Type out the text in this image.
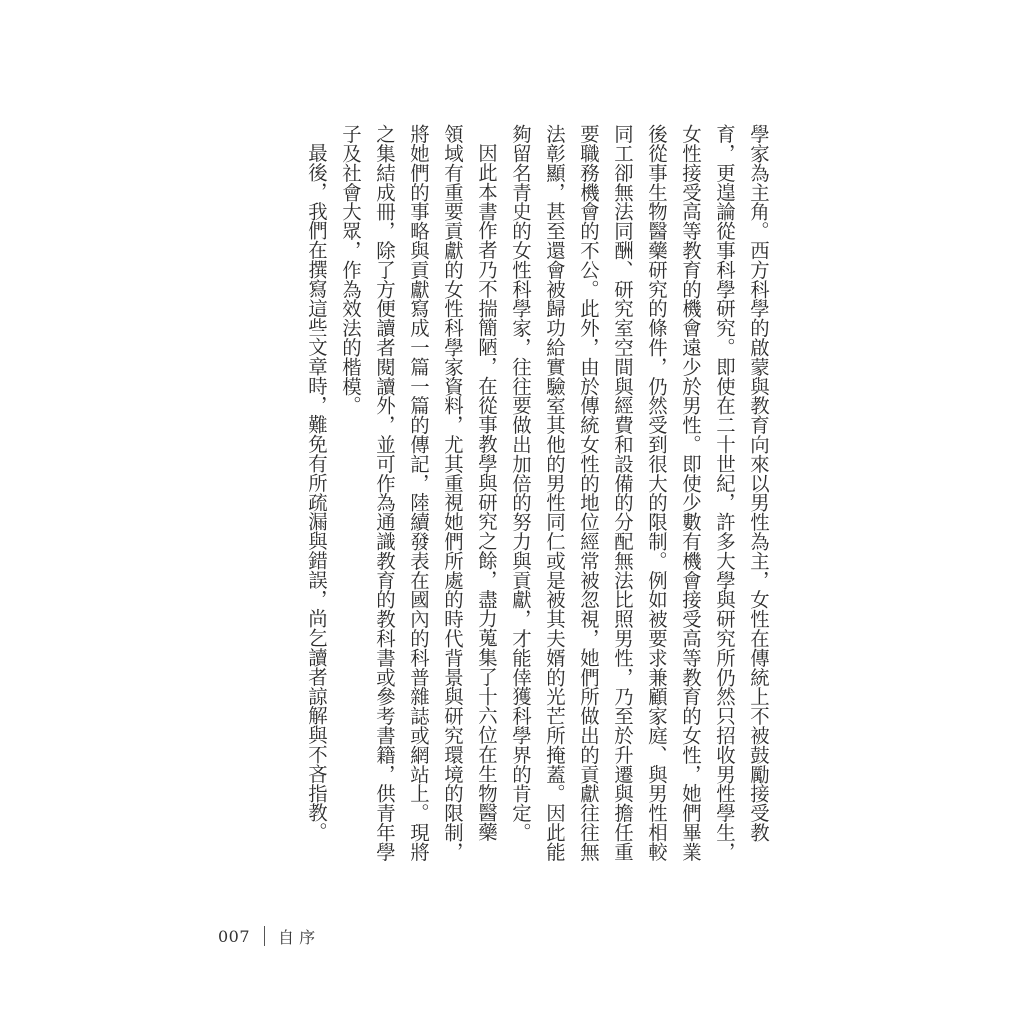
學家為主角。西方科學的啟蒙與教育向來以男性為主，女性在傳統上不被鼓勵接受教
育，更遑論從事科學研究。即使在二十世紀，許多大學與研究所仍然只招收男性學生，
女性接受高等教育的機會遠少於男性。即使少數有機會接受高等教育的女性，她們畢業
後從事生物醫藥研究的條件，仍然受到很大的限制。例如被要求兼顧家庭、與男性相較
同工卻無法同酬、研究室空間與經費和設備的分配無法比照男性，乃至於升遷與擔任重
要職務機會的不公。此外，由於傳統女性的地位經常被忽視，她們所做出的貢獻往往無
法彰顯，甚至還會被歸功給實驗室其他的男性同仁或是被其夫婿的光芒所掩蓋。因此能
夠留名青史的女性科學家，往往要做出加倍的努力與貢獻，才能倖獲科學界的肯定。
因此本書作者乃不揣簡陋，在從事教學與研究之餘，盡力蒐集了十六位在生物醫藥
領域有重要貢獻的女性科學家資料，尤其重視她們所處的時代背景與研究環境的限制，
將她們的事略與貢獻寫成一篇一篇的傳記，陸續發表在國內的科普雜誌或網站上。現將
之集結成冊，除了方便讀者閱讀外，並可作為通識教育的教科書或參考書籍，供青年學
子及社會大眾，作為效法的楷模。
最後，我們在撰寫這些文章時，難免有所疏漏與錯誤，尚乞讀者諒解與不吝指教。
007 自 序
